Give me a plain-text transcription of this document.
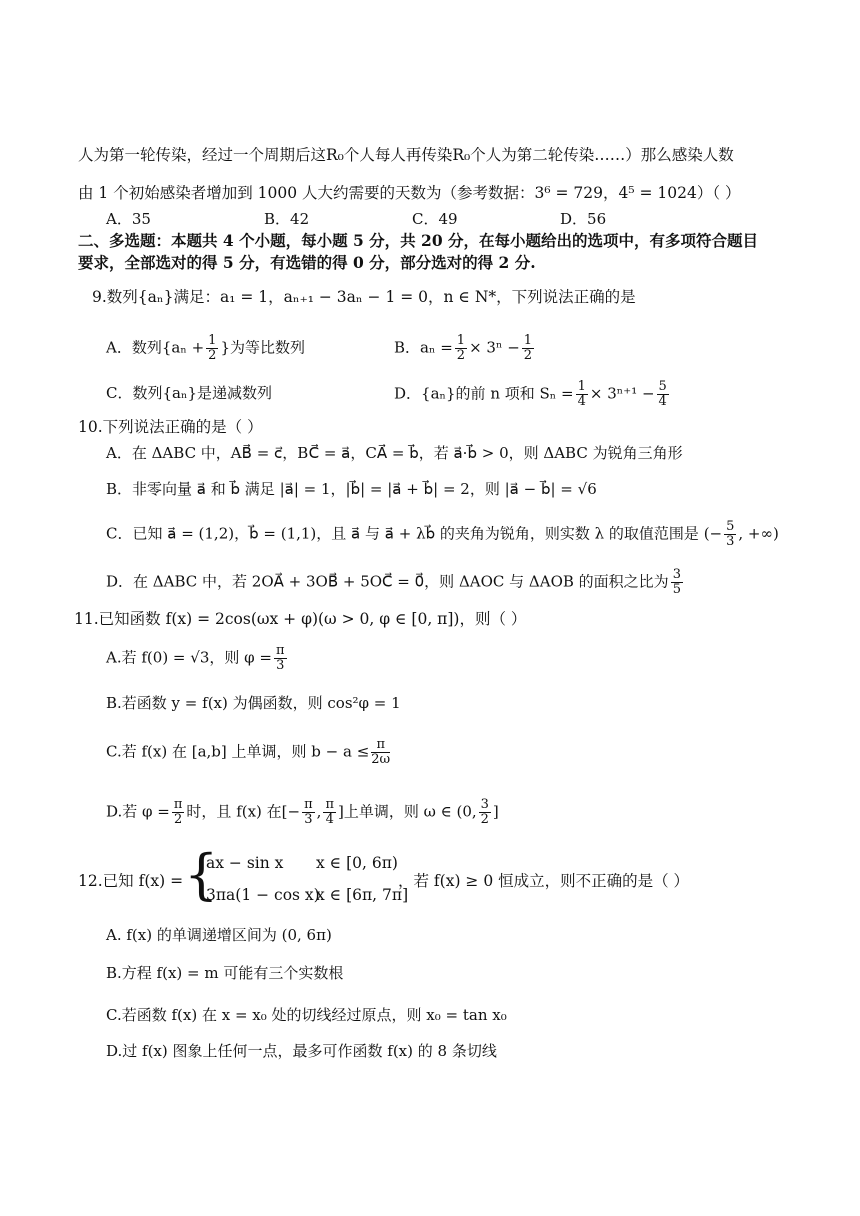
人为第一轮传染，经过一个周期后这R₀个人每人再传染R₀个人为第二轮传染……）那么感染人数
由 1 个初始感染者增加到 1000 人大约需要的天数为（参考数据：3⁶ = 729，4⁵ = 1024）（ ）
A．35	B．42	C．49	D．56
二、多选题：本题共 4 个小题，每小题 5 分，共 20 分，在每小题给出的选项中，有多项符合题目
要求，全部选对的得 5 分，有选错的得 0 分，部分选对的得 2 分.
9.数列{aₙ}满足：a₁ = 1，aₙ₊₁ − 3aₙ − 1 = 0，n ∈ N*，下列说法正确的是
A．数列{$a_n + \frac{1}{2}$ }为等比数列	B．$a_n = \frac{1}{2} \times 3^n - \frac{1}{2}$
C．数列{aₙ}是递减数列	D．{aₙ}的前 n 项和 $S_n = \frac{1}{4} \times 3^{n+1} - \frac{5}{4}$
10.下列说法正确的是（ ）
A．在 ΔABC 中，AB⃗ = c⃗，BC⃗ = a⃗，CA⃗ = b⃗，若 a⃗·b⃗ > 0，则 ΔABC 为锐角三角形
B．非零向量 a⃗ 和 b⃗ 满足 |a⃗| = 1，|b⃗| = |a⃗ + b⃗| = 2，则 |a⃗ − b⃗| = √6
C．已知 a⃗ = (1,2)，b⃗ = (1,1)，且 a⃗ 与 a⃗ + λb⃗ 的夹角为锐角，则实数 λ 的取值范围是 (− $\frac{5}{3}$ , +∞)
D．在 ΔABC 中，若 2OA⃗ + 3OB⃗ + 5OC⃗ = 0⃗，则 ΔAOC 与 ΔAOB 的面积之比为 $\frac{3}{5}$
11.已知函数 f(x) = 2cos(ωx + φ)(ω > 0, φ ∈ [0, π])，则（ ）
A.若 f(0) = √3，则 $\varphi = \frac{\pi}{3}$
B.若函数 y = f(x) 为偶函数，则 cos²φ = 1
C.若 f(x) 在 [a,b] 上单调，则 $b - a \le \frac{\pi}{2\omega}$
D.若 $\varphi = \frac{\pi}{2}$ 时，且 f(x) 在[− $\frac{\pi}{3}$ , $\frac{\pi}{4}$ ]上单调，则 ω ∈ (0, $\frac{3}{2}$ ]
12.已知 f(x) = {
ax − sin x x ∈ [0, 6π)
3πa(1 − cos x)
x ∈ [6π, 7π]
，若 f(x) ≥ 0 恒成立，则不正确的是（ ）
A. f(x) 的单调递增区间为 (0, 6π)
B.方程 f(x) = m 可能有三个实数根
C.若函数 f(x) 在 x = x₀ 处的切线经过原点，则 x₀ = tan x₀
D.过 f(x) 图象上任何一点，最多可作函数 f(x) 的 8 条切线
